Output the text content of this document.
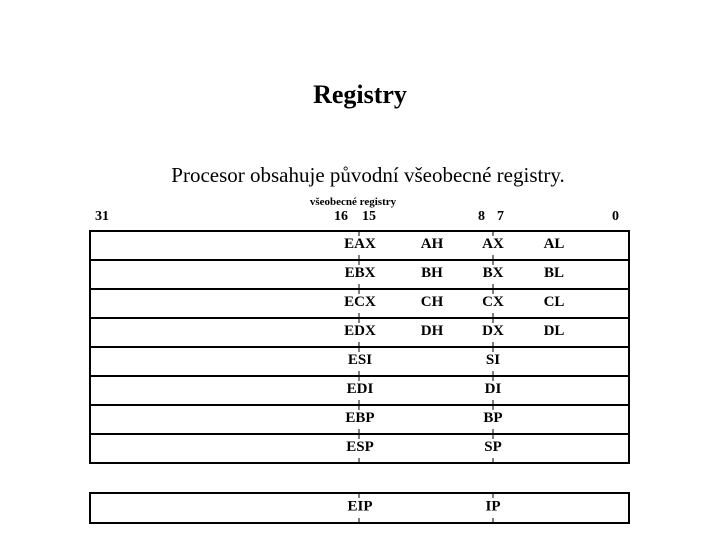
Registry
Procesor obsahuje původní všeobecné registry.
všeobecné registry
31	16 15	8 7	0
EAX	AH	AX	AL
EBX	BH	BX	BL
ECX	CH	CX	CL
EDX	DH	DX	DL
ESI	SI
EDI	DI
EBP	BP
ESP	SP
EIP	IP
